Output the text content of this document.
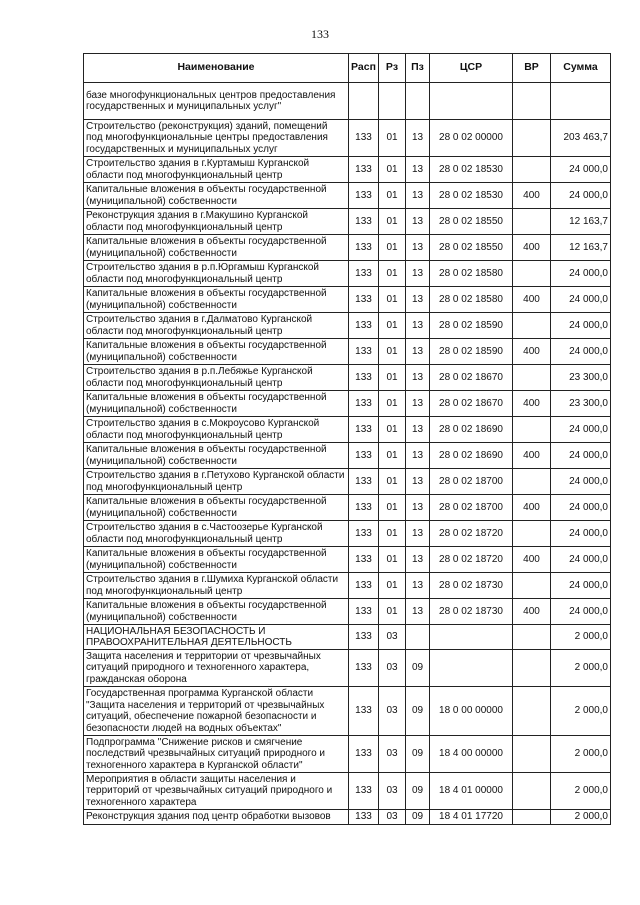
133
Наименование	Расп	Рз	Пз	ЦСР	ВР	Сумма
базе многофункциональных центров предоставления государственных и муниципальных услуг"						
Строительство (реконструкция) зданий, помещений под многофункциональные центры предоставления государственных и муниципальных услуг	133	01	13	28 0 02 00000		203 463,7
Строительство здания в г.Куртамыш Курганской области под многофункциональный центр	133	01	13	28 0 02 18530		24 000,0
Капитальные вложения в объекты государственной (муниципальной) собственности	133	01	13	28 0 02 18530	400	24 000,0
Реконструкция здания в г.Макушино Курганской области под многофункциональный центр	133	01	13	28 0 02 18550		12 163,7
Капитальные вложения в объекты государственной (муниципальной) собственности	133	01	13	28 0 02 18550	400	12 163,7
Строительство здания в р.п.Юргамыш Курганской области под многофункциональный центр	133	01	13	28 0 02 18580		24 000,0
Капитальные вложения в объекты государственной (муниципальной) собственности	133	01	13	28 0 02 18580	400	24 000,0
Строительство здания в г.Далматово Курганской области под многофункциональный центр	133	01	13	28 0 02 18590		24 000,0
Капитальные вложения в объекты государственной (муниципальной) собственности	133	01	13	28 0 02 18590	400	24 000,0
Строительство здания в р.п.Лебяжье Курганской области под многофункциональный центр	133	01	13	28 0 02 18670		23 300,0
Капитальные вложения в объекты государственной (муниципальной) собственности	133	01	13	28 0 02 18670	400	23 300,0
Строительство здания в с.Мокроусово Курганской области под многофункциональный центр	133	01	13	28 0 02 18690		24 000,0
Капитальные вложения в объекты государственной (муниципальной) собственности	133	01	13	28 0 02 18690	400	24 000,0
Строительство здания в г.Петухово Курганской области под многофункциональный центр	133	01	13	28 0 02 18700		24 000,0
Капитальные вложения в объекты государственной (муниципальной) собственности	133	01	13	28 0 02 18700	400	24 000,0
Строительство здания в с.Частоозерье Курганской области под многофункциональный центр	133	01	13	28 0 02 18720		24 000,0
Капитальные вложения в объекты государственной (муниципальной) собственности	133	01	13	28 0 02 18720	400	24 000,0
Строительство здания в г.Шумиха Курганской области под многофункциональный центр	133	01	13	28 0 02 18730		24 000,0
Капитальные вложения в объекты государственной (муниципальной) собственности	133	01	13	28 0 02 18730	400	24 000,0
НАЦИОНАЛЬНАЯ БЕЗОПАСНОСТЬ И ПРАВООХРАНИТЕЛЬНАЯ ДЕЯТЕЛЬНОСТЬ	133	03				2 000,0
Защита населения и территории от чрезвычайных ситуаций природного и техногенного характера, гражданская оборона	133	03	09			2 000,0
Государственная программа Курганской области "Защита населения и территорий от чрезвычайных ситуаций, обеспечение пожарной безопасности и безопасности людей на водных объектах"	133	03	09	18 0 00 00000		2 000,0
Подпрограмма "Снижение рисков и смягчение последствий чрезвычайных ситуаций природного и техногенного характера в Курганской области"	133	03	09	18 4 00 00000		2 000,0
Мероприятия в области защиты населения и территорий от чрезвычайных ситуаций природного и техногенного характера	133	03	09	18 4 01 00000		2 000,0
Реконструкция здания под центр обработки вызовов	133	03	09	18 4 01 17720		2 000,0
